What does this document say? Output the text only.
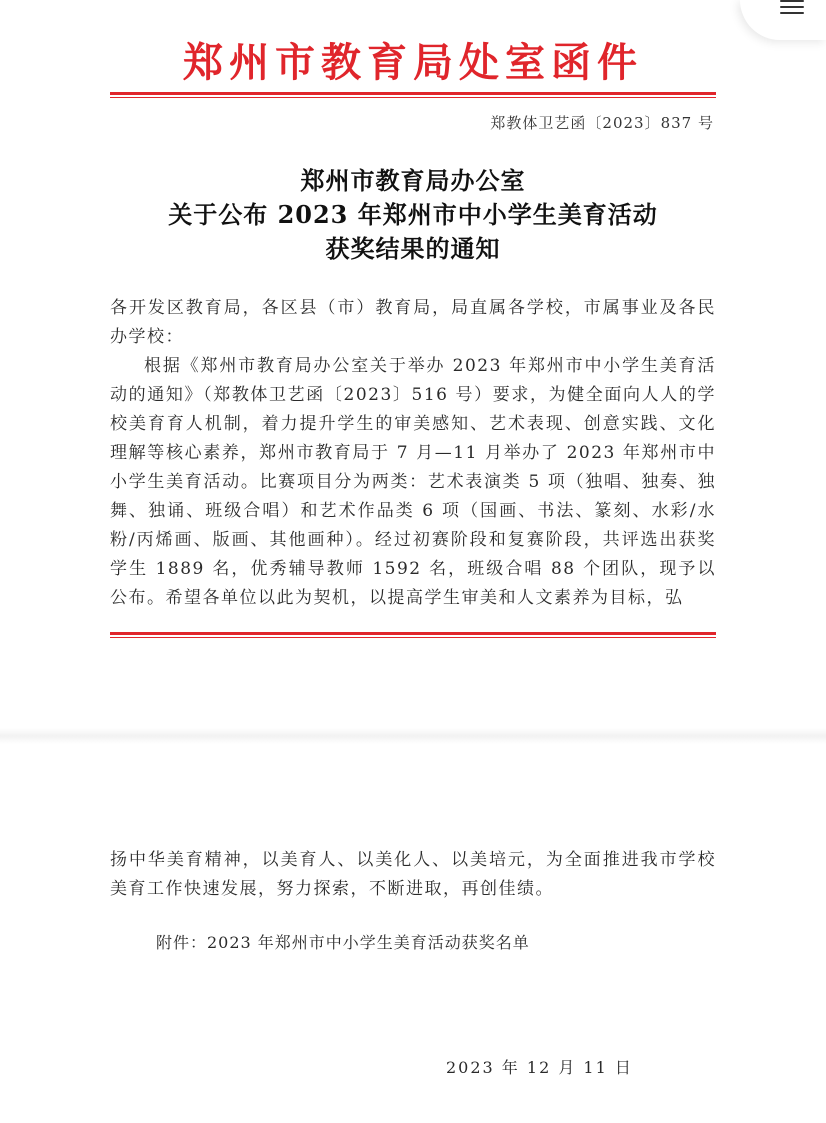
郑州市教育局处室函件
郑教体卫艺函〔2023〕837 号
郑州市教育局办公室
关于公布 2023 年郑州市中小学生美育活动
获奖结果的通知

各开发区教育局，各区县（市）教育局，局直属各学校，市属事业及各民办学校：

根据《郑州市教育局办公室关于举办 2023 年郑州市中小学生美育活动的通知》（郑教体卫艺函〔2023〕516 号）要求，为健全面向人人的学校美育育人机制，着力提升学生的审美感知、艺术表现、创意实践、文化理解等核心素养，郑州市教育局于 7 月—11 月举办了 2023 年郑州市中小学生美育活动。比赛项目分为两类：艺术表演类 5 项（独唱、独奏、独舞、独诵、班级合唱）和艺术作品类 6 项（国画、书法、篆刻、水彩/水粉/丙烯画、版画、其他画种）。经过初赛阶段和复赛阶段，共评选出获奖学生 1889 名，优秀辅导教师 1592 名，班级合唱 88 个团队，现予以公布。希望各单位以此为契机，以提高学生审美和人文素养为目标，弘

扬中华美育精神，以美育人、以美化人、以美培元，为全面推进我市学校美育工作快速发展，努力探索，不断进取，再创佳绩。

附件：2023 年郑州市中小学生美育活动获奖名单
2023 年 12 月 11 日
